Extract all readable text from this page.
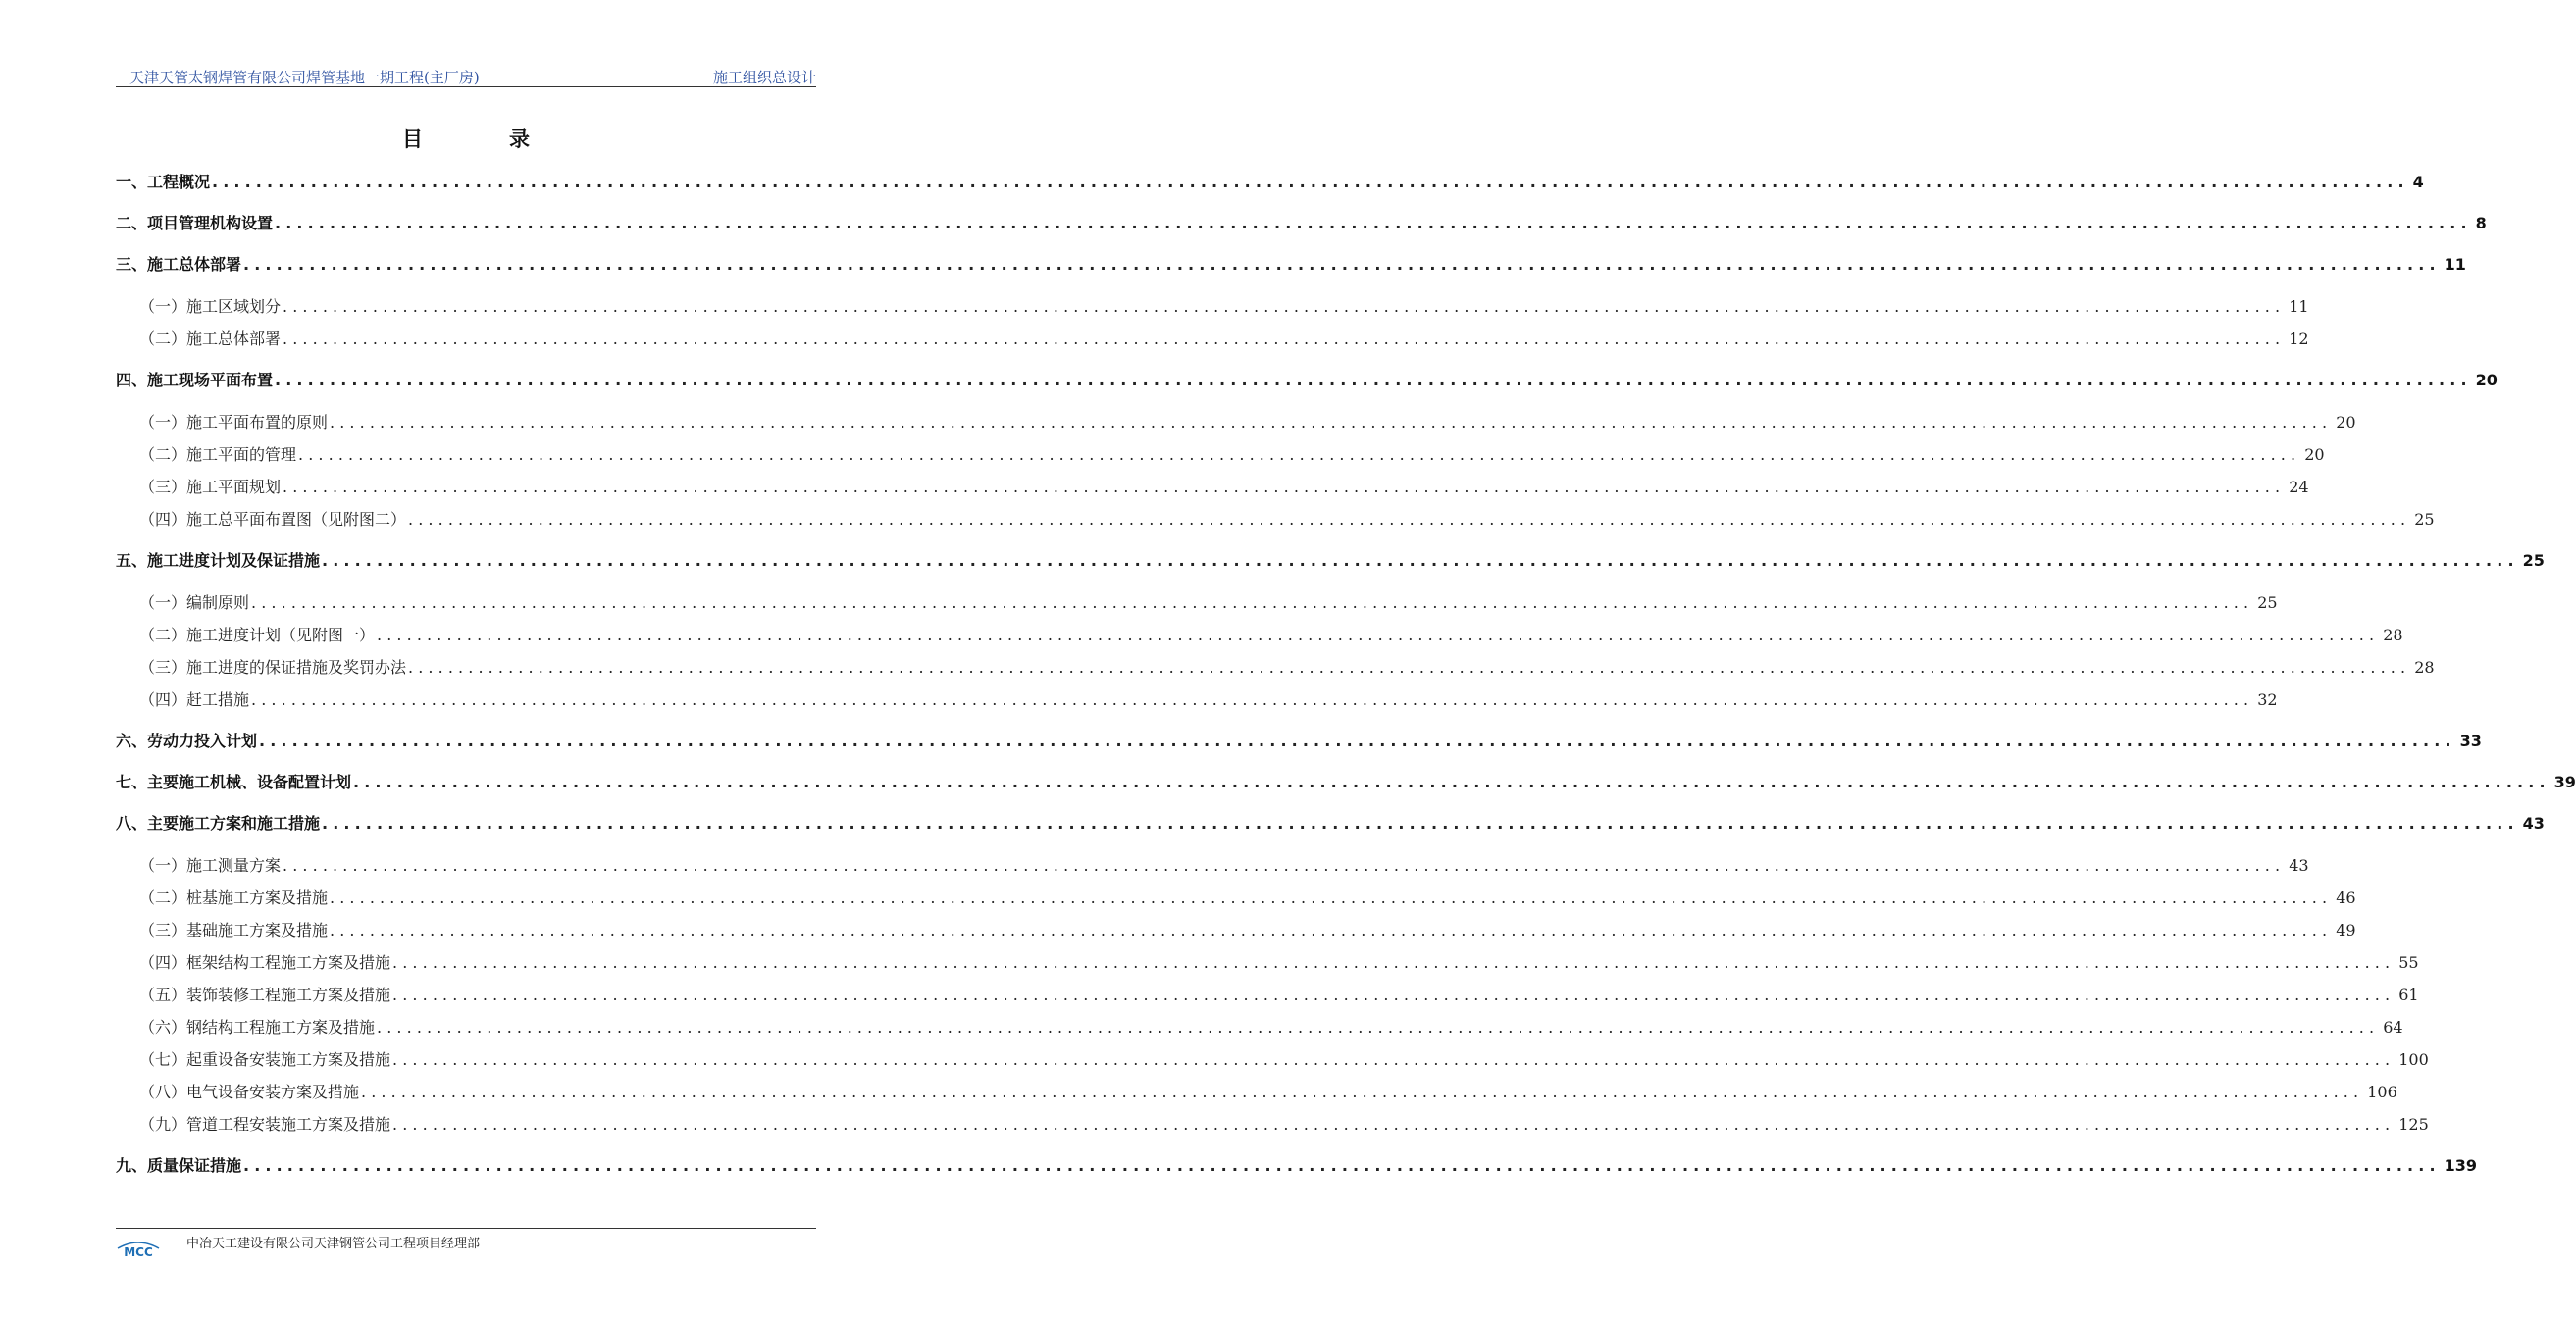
天津天管太钢焊管有限公司焊管基地一期工程(主厂房)	施工组织总设计
目	录
一、工程概况 ........................................................................................................................................................................................................ 4
二、项目管理机构设置 ........................................................................................................................................................................................................ 8
三、施工总体部署 ........................................................................................................................................................................................................ 11
（一）施工区域划分 ........................................................................................................................................................................................................ 11
（二）施工总体部署 ........................................................................................................................................................................................................ 12
四、施工现场平面布置 ........................................................................................................................................................................................................ 20
（一）施工平面布置的原则 ........................................................................................................................................................................................................ 20
（二）施工平面的管理 ........................................................................................................................................................................................................ 20
（三）施工平面规划 ........................................................................................................................................................................................................ 24
（四）施工总平面布置图（见附图二） ........................................................................................................................................................................................................ 25
五、施工进度计划及保证措施 ........................................................................................................................................................................................................ 25
（一）编制原则 ........................................................................................................................................................................................................ 25
（二）施工进度计划（见附图一） ........................................................................................................................................................................................................ 28
（三）施工进度的保证措施及奖罚办法 ........................................................................................................................................................................................................ 28
（四）赶工措施 ........................................................................................................................................................................................................ 32
六、劳动力投入计划 ........................................................................................................................................................................................................ 33
七、主要施工机械、设备配置计划 ........................................................................................................................................................................................................ 39
八、主要施工方案和施工措施 ........................................................................................................................................................................................................ 43
（一）施工测量方案 ........................................................................................................................................................................................................ 43
（二）桩基施工方案及措施 ........................................................................................................................................................................................................ 46
（三）基础施工方案及措施 ........................................................................................................................................................................................................ 49
（四）框架结构工程施工方案及措施 ........................................................................................................................................................................................................ 55
（五）装饰装修工程施工方案及措施 ........................................................................................................................................................................................................ 61
（六）钢结构工程施工方案及措施 ........................................................................................................................................................................................................ 64
（七）起重设备安装施工方案及措施 ........................................................................................................................................................................................................ 100
（八）电气设备安装方案及措施 ........................................................................................................................................................................................................ 106
（九）管道工程安装施工方案及措施 ........................................................................................................................................................................................................ 125
九、质量保证措施 ........................................................................................................................................................................................................ 139
MCC
中冶天工建设有限公司天津钢管公司工程项目经理部
